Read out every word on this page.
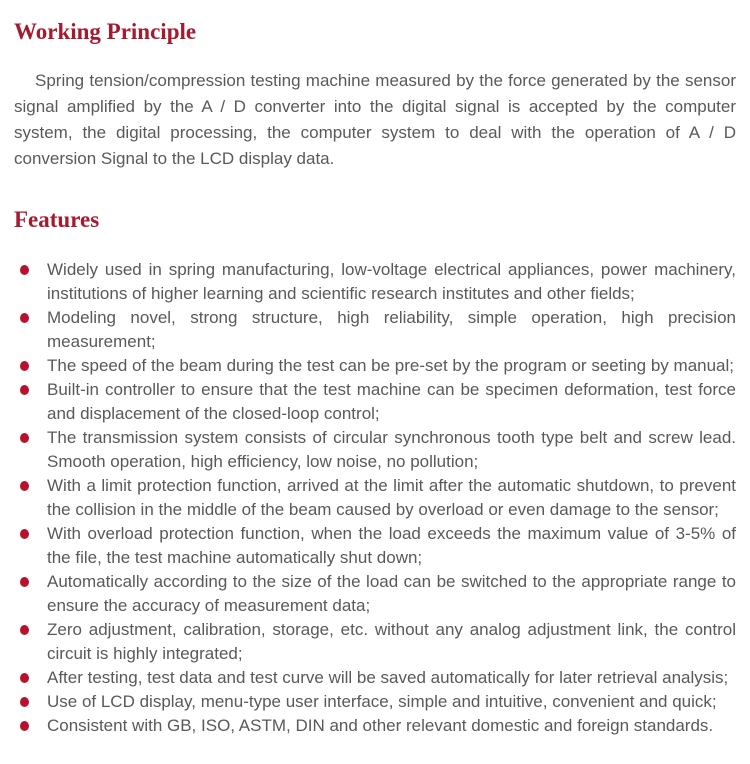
Working Principle

Spring tension/compression testing machine measured by the force generated by the sensor signal amplified by the A / D converter into the digital signal is accepted by the computer system, the digital processing, the computer system to deal with the operation of A / D conversion Signal to the LCD display data.

Features
Widely used in spring manufacturing, low-voltage electrical appliances, power machinery, institutions of higher learning and scientific research institutes and other fields;
Modeling novel, strong structure, high reliability, simple operation, high precision measurement;
The speed of the beam during the test can be pre-set by the program or seeting by manual;
Built-in controller to ensure that the test machine can be specimen deformation, test force and displacement of the closed-loop control;
The transmission system consists of circular synchronous tooth type belt and screw lead. Smooth operation, high efficiency, low noise, no pollution;
With a limit protection function, arrived at the limit after the automatic shutdown, to prevent the collision in the middle of the beam caused by overload or even damage to the sensor;
With overload protection function, when the load exceeds the maximum value of 3-5% of the file, the test machine automatically shut down;
Automatically according to the size of the load can be switched to the appropriate range to ensure the accuracy of measurement data;
Zero adjustment, calibration, storage, etc. without any analog adjustment link, the control circuit is highly integrated;
After testing, test data and test curve will be saved automatically for later retrieval analysis;
Use of LCD display, menu-type user interface, simple and intuitive, convenient and quick;
Consistent with GB, ISO, ASTM, DIN and other relevant domestic and foreign standards.
